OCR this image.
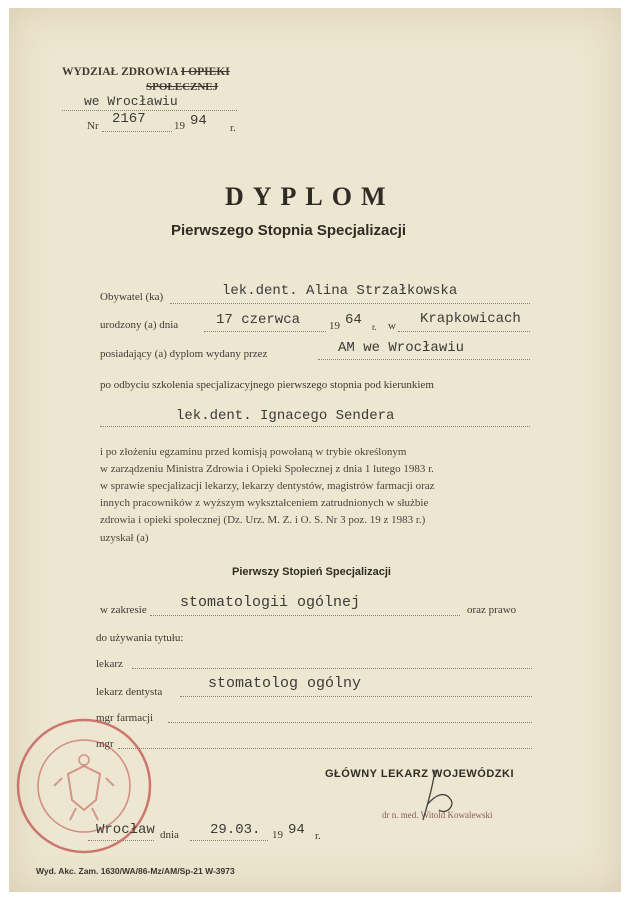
WYDZIAŁ ZDROWIA I OPIEKI
SPOŁECZNEJ
we Wrocławiu
Nr 2167	19 94 r.
DYPLOM
Pierwszego Stopnia Specjalizacji
Obywatel (ka)	lek.dent. Alina Strzałkowska
urodzony (a) dnia	17 czerwca	19 64 r. w Krapkowicach
posiadający (a) dyplom wydany przez	AM we Wrocławiu
po odbyciu szkolenia specjalizacyjnego pierwszego stopnia pod kierunkiem
lek.dent. Ignacego Sendera
i po złożeniu egzaminu przed komisją powołaną w trybie określonym
w zarządzeniu Ministra Zdrowia i Opieki Społecznej z dnia 1 lutego 1983 r.
w sprawie specjalizacji lekarzy, lekarzy dentystów, magistrów farmacji oraz
innych pracowników z wyższym wykształceniem zatrudnionych w służbie
zdrowia i opieki społecznej (Dz. Urz. M. Z. i O. S. Nr 3 poz. 19 z 1983 r.)
uzyskał (a)
Pierwszy Stopień Specjalizacji
w zakresie stomatologii ogólnej	oraz prawo
do używania tytułu:
lekarz
lekarz dentysta	stomatolog ogólny
mgr farmacji
mgr
GŁÓWNY LEKARZ WOJEWÓDZKI
dr n. med. Witold Kowalewski
Wrocław dnia 29.03. 19 94 r.
Wyd. Akc. Zam. 1630/WA/86-Mz/AM/Sp-21 W-3973
